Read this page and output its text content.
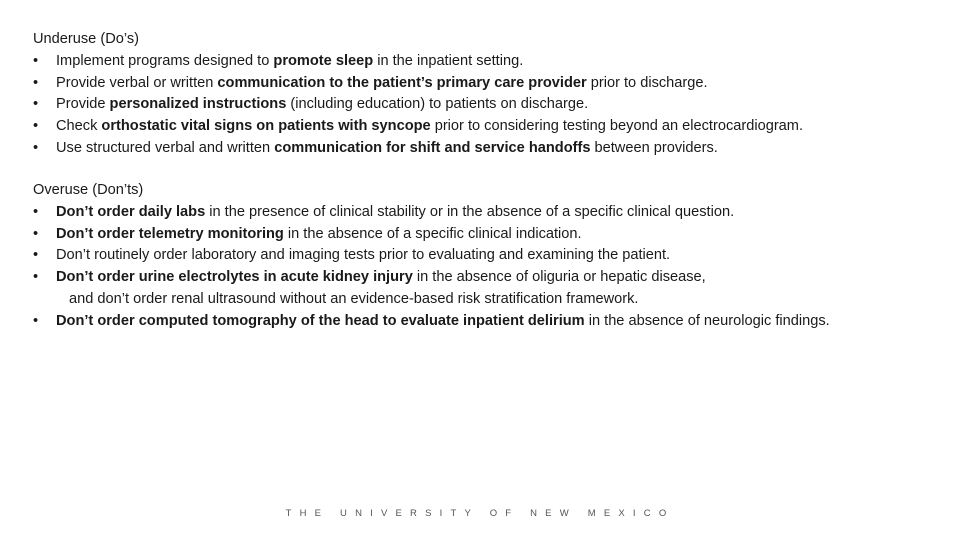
Underuse (Do’s)
•	Implement programs designed to promote sleep in the inpatient setting.
•	Provide verbal or written communication to the patient’s primary care provider prior to discharge.
•	Provide personalized instructions (including education) to patients on discharge.
•	Check orthostatic vital signs on patients with syncope prior to considering testing beyond an electrocardiogram.
•	Use structured verbal and written communication for shift and service handoffs between providers.
Overuse (Don’ts)
•	Don’t order daily labs in the presence of clinical stability or in the absence of a specific clinical question.
•	Don’t order telemetry monitoring in the absence of a specific clinical indication.
•	Don’t routinely order laboratory and imaging tests prior to evaluating and examining the patient.
•	Don’t order urine electrolytes in acute kidney injury in the absence of oliguria or hepatic disease,
and don’t order renal ultrasound without an evidence-based risk stratification framework.
•	Don’t order computed tomography of the head to evaluate inpatient delirium in the absence of neurologic findings.
THE UNIVERSITY OF NEW MEXICO
